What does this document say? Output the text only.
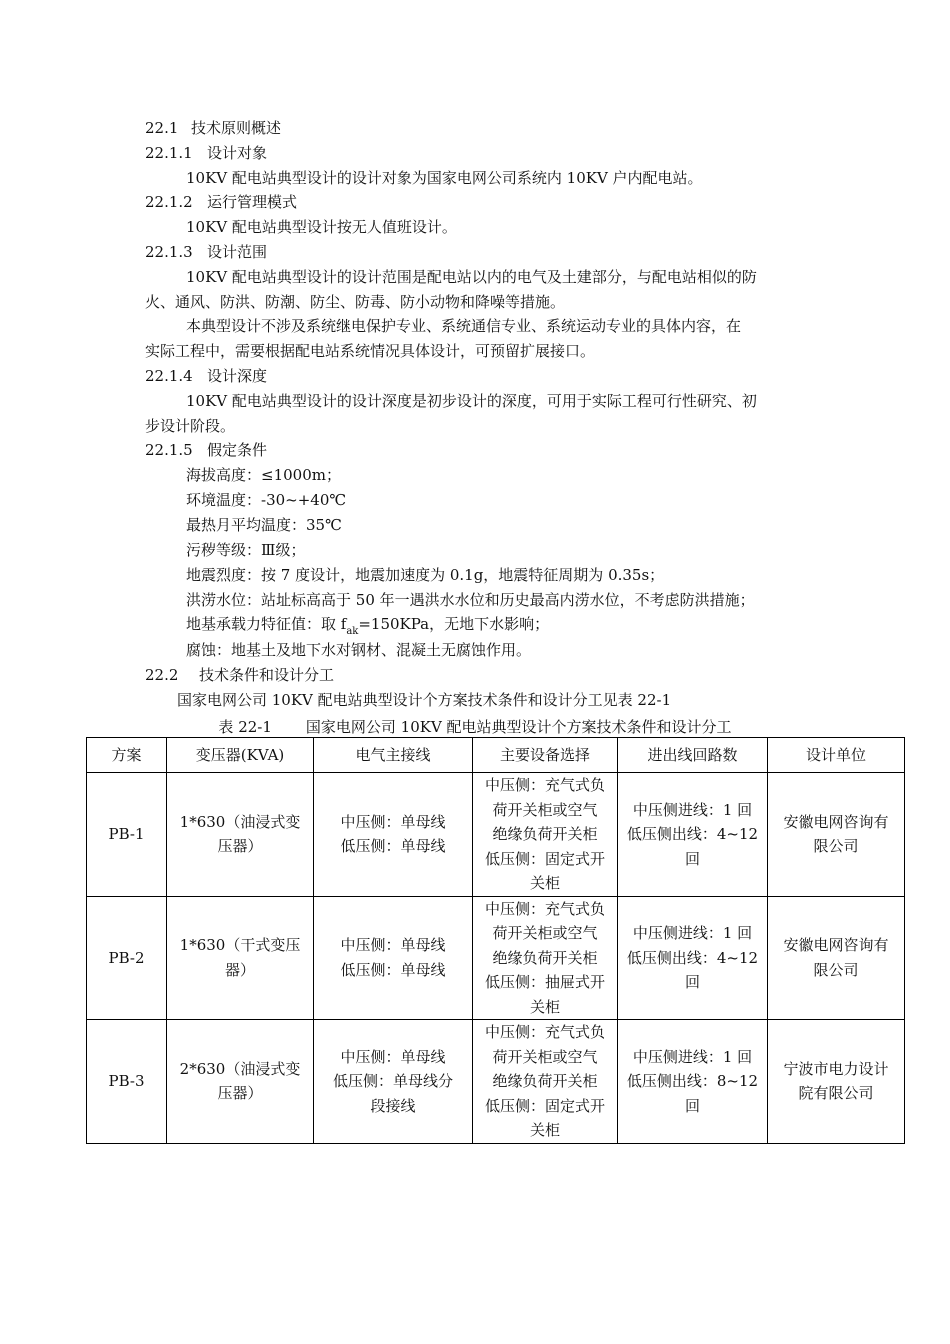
22.1 技术原则概述
22.1.1 设计对象
10KV 配电站典型设计的设计对象为国家电网公司系统内 10KV 户内配电站。
22.1.2 运行管理模式
10KV 配电站典型设计按无人值班设计。
22.1.3 设计范围
10KV 配电站典型设计的设计范围是配电站以内的电气及土建部分，与配电站相似的防
火、通风、防洪、防潮、防尘、防毒、防小动物和降噪等措施。
本典型设计不涉及系统继电保护专业、系统通信专业、系统运动专业的具体内容，在
实际工程中，需要根据配电站系统情况具体设计，可预留扩展接口。
22.1.4 设计深度
10KV 配电站典型设计的设计深度是初步设计的深度，可用于实际工程可行性研究、初
步设计阶段。
22.1.5 假定条件
海拔高度：≤1000m；
环境温度：-30~+40℃
最热月平均温度：35℃
污秽等级：Ⅲ级；
地震烈度：按 7 度设计，地震加速度为 0.1g，地震特征周期为 0.35s；
洪涝水位：站址标高高于 50 年一遇洪水水位和历史最高内涝水位，不考虑防洪措施；
地基承载力特征值：取 $f_{ak}=150KPa$，无地下水影响；
腐蚀：地基土及地下水对钢材、混凝土无腐蚀作用。
22.2 技术条件和设计分工
国家电网公司 10KV 配电站典型设计个方案技术条件和设计分工见表 22-1
表 22-1 国家电网公司 10KV 配电站典型设计个方案技术条件和设计分工
方案	变压器(KVA)	电气主接线	主要设备选择	进出线回路数	设计单位
PB-1	1*630（油浸式变
压器）	中压侧：单母线
低压侧：单母线	中压侧：充气式负
荷开关柜或空气
绝缘负荷开关柜
低压侧：固定式开
关柜	中压侧进线：1 回
低压侧出线：4~12
回	安徽电网咨询有
限公司

PB-2	1*630（干式变压
器）	中压侧：单母线
低压侧：单母线	中压侧：充气式负
荷开关柜或空气
绝缘负荷开关柜
低压侧：抽屉式开
关柜	中压侧进线：1 回
低压侧出线：4~12
回	安徽电网咨询有
限公司

PB-3	2*630（油浸式变
压器）	中压侧：单母线
低压侧：单母线分
段接线	中压侧：充气式负
荷开关柜或空气
绝缘负荷开关柜
低压侧：固定式开
关柜	中压侧进线：1 回
低压侧出线：8~12
回	宁波市电力设计
院有限公司
